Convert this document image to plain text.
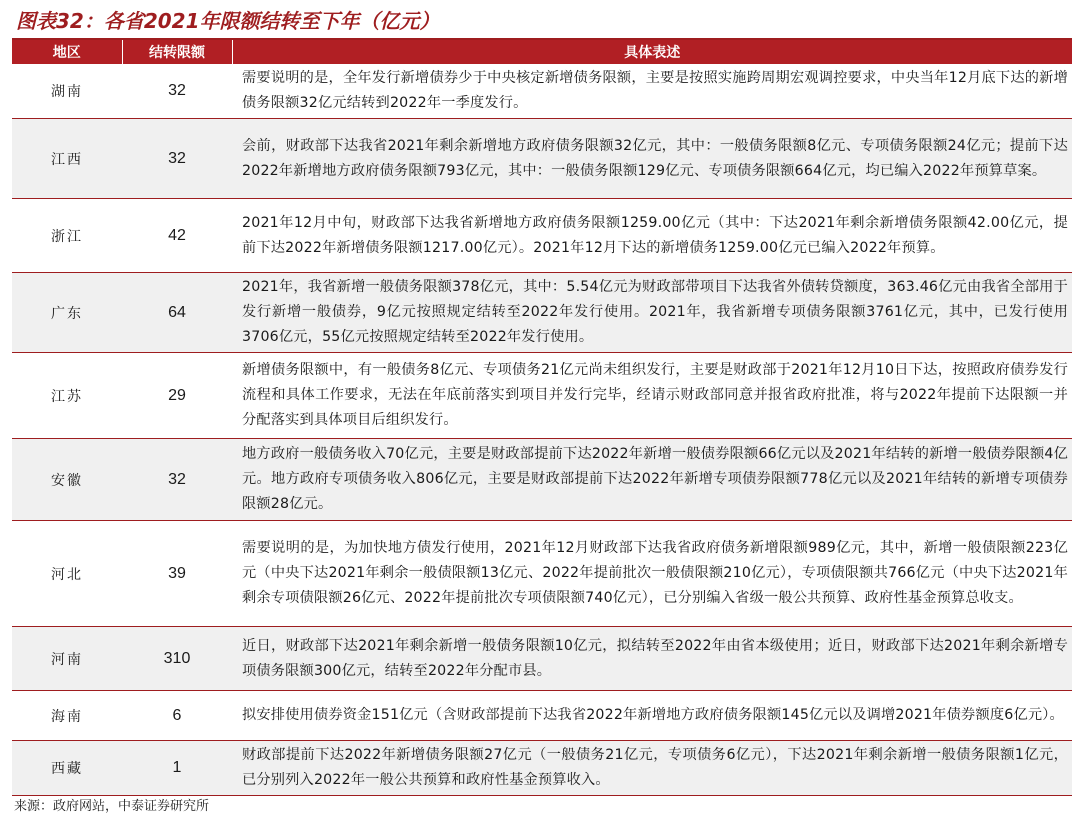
图表32：各省2021年限额结转至下年（亿元）
地区	结转限额	具体表述
湖南	32	需要说明的是，全年发行新增债券少于中央核定新增债务限额，主要是按照实施跨周期宏观调控要求，中央当年12月底下达的新增债务限额32亿元结转到2022年一季度发行。
江西	32	会前，财政部下达我省2021年剩余新增地方政府债务限额32亿元，其中：一般债务限额8亿元、专项债务限额24亿元；提前下达2022年新增地方政府债务限额793亿元，其中：一般债务限额129亿元、专项债务限额664亿元，均已编入2022年预算草案。
浙江	42	2021年12月中旬，财政部下达我省新增地方政府债务限额1259.00亿元（其中：下达2021年剩余新增债务限额42.00亿元，提前下达2022年新增债务限额1217.00亿元）。2021年12月下达的新增债务1259.00亿元已编入2022年预算。
广东	64	2021年，我省新增一般债务限额378亿元，其中：5.54亿元为财政部带项目下达我省外债转贷额度，363.46亿元由我省全部用于发行新增一般债券，9亿元按照规定结转至2022年发行使用。2021年，我省新增专项债务限额3761亿元，其中，已发行使用3706亿元，55亿元按照规定结转至2022年发行使用。
江苏	29	新增债务限额中，有一般债务8亿元、专项债务21亿元尚未组织发行，主要是财政部于2021年12月10日下达，按照政府债券发行流程和具体工作要求，无法在年底前落实到项目并发行完毕，经请示财政部同意并报省政府批准，将与2022年提前下达限额一并分配落实到具体项目后组织发行。
安徽	32	地方政府一般债务收入70亿元，主要是财政部提前下达2022年新增一般债券限额66亿元以及2021年结转的新增一般债券限额4亿元。地方政府专项债务收入806亿元，主要是财政部提前下达2022年新增专项债券限额778亿元以及2021年结转的新增专项债券限额28亿元。
河北	39	需要说明的是，为加快地方债发行使用，2021年12月财政部下达我省政府债务新增限额989亿元，其中，新增一般债限额223亿元（中央下达2021年剩余一般债限额13亿元、2022年提前批次一般债限额210亿元），专项债限额共766亿元（中央下达2021年剩余专项债限额26亿元、2022年提前批次专项债限额740亿元），已分别编入省级一般公共预算、政府性基金预算总收支。
河南	310	近日，财政部下达2021年剩余新增一般债务限额10亿元，拟结转至2022年由省本级使用；近日，财政部下达2021年剩余新增专项债务限额300亿元，结转至2022年分配市县。
海南	6	拟安排使用债券资金151亿元（含财政部提前下达我省2022年新增地方政府债务限额145亿元以及调增2021年债券额度6亿元）。
西藏	1	财政部提前下达2022年新增债务限额27亿元（一般债务21亿元，专项债务6亿元），下达2021年剩余新增一般债务限额1亿元，已分别列入2022年一般公共预算和政府性基金预算收入。
来源：政府网站，中泰证券研究所
